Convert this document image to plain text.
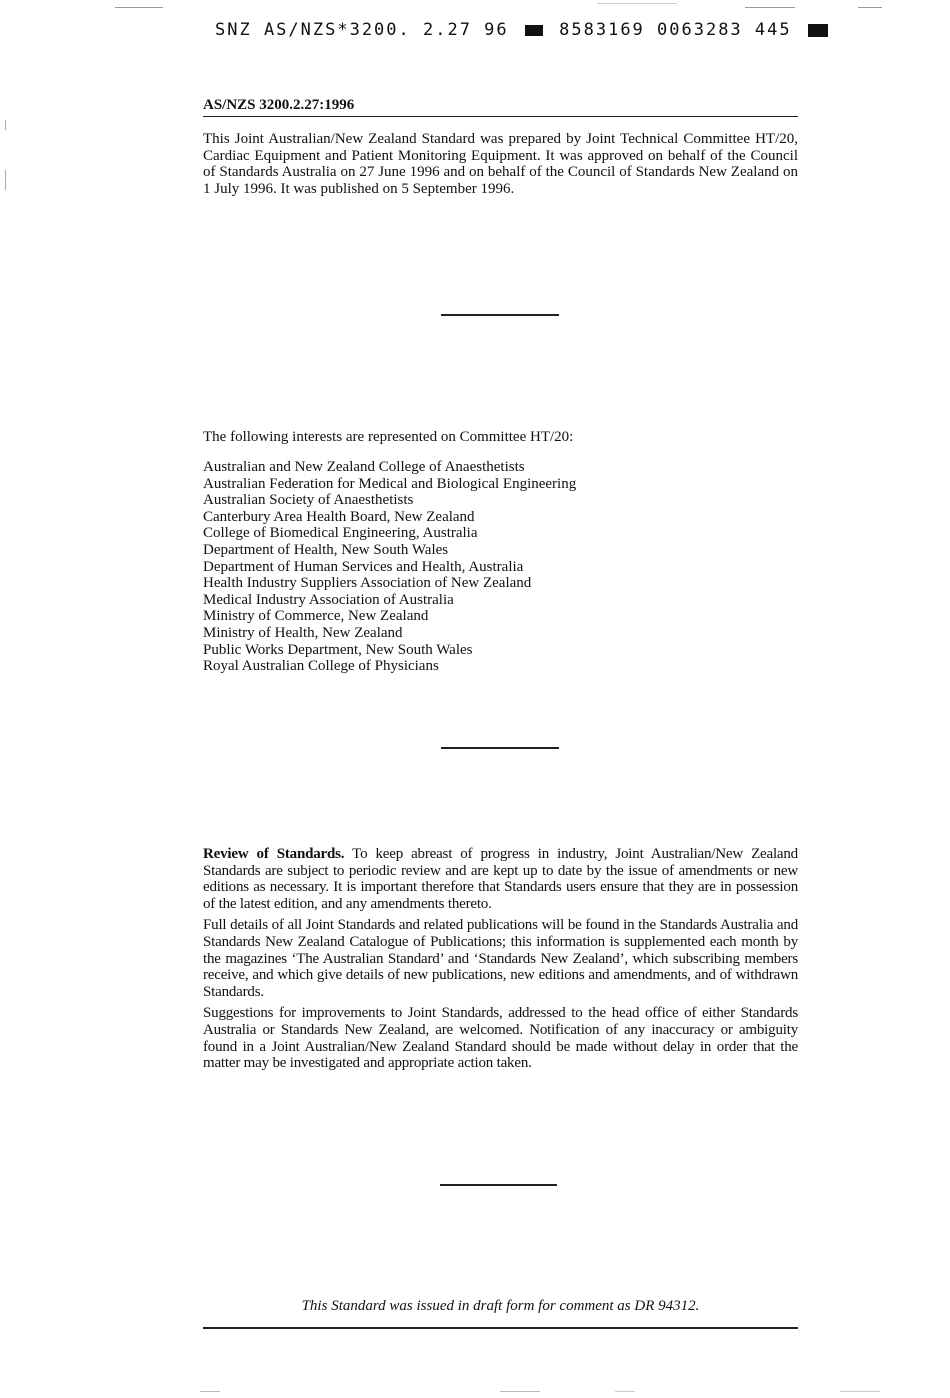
SNZ AS/NZS*3200. 2.27 96	8583169 0063283 445
AS/NZS 3200.2.27:1996
This Joint Australian/New Zealand Standard was prepared by Joint Technical Committee HT/20, Cardiac Equipment and Patient Monitoring Equipment. It was approved on behalf of the Council of Standards Australia on 27 June 1996 and on behalf of the Council of Standards New Zealand on 1 July 1996. It was published on 5 September 1996.
The following interests are represented on Committee HT/20:
Australian and New Zealand College of Anaesthetists
Australian Federation for Medical and Biological Engineering
Australian Society of Anaesthetists
Canterbury Area Health Board, New Zealand
College of Biomedical Engineering, Australia
Department of Health, New South Wales
Department of Human Services and Health, Australia
Health Industry Suppliers Association of New Zealand
Medical Industry Association of Australia
Ministry of Commerce, New Zealand
Ministry of Health, New Zealand
Public Works Department, New South Wales
Royal Australian College of Physicians

Review of Standards. To keep abreast of progress in industry, Joint Australian/New Zealand Standards are subject to periodic review and are kept up to date by the issue of amendments or new editions as necessary. It is important therefore that Standards users ensure that they are in possession of the latest edition, and any amendments thereto.

Full details of all Joint Standards and related publications will be found in the Standards Australia and Standards New Zealand Catalogue of Publications; this information is supplemented each month by the magazines ‘The Australian Standard’ and ‘Standards New Zealand’, which subscribing members receive, and which give details of new publications, new editions and amendments, and of withdrawn Standards.

Suggestions for improvements to Joint Standards, addressed to the head office of either Standards Australia or Standards New Zealand, are welcomed. Notification of any inaccuracy or ambiguity found in a Joint Australian/New Zealand Standard should be made without delay in order that the matter may be investigated and appropriate action taken.

This Standard was issued in draft form for comment as DR 94312.
